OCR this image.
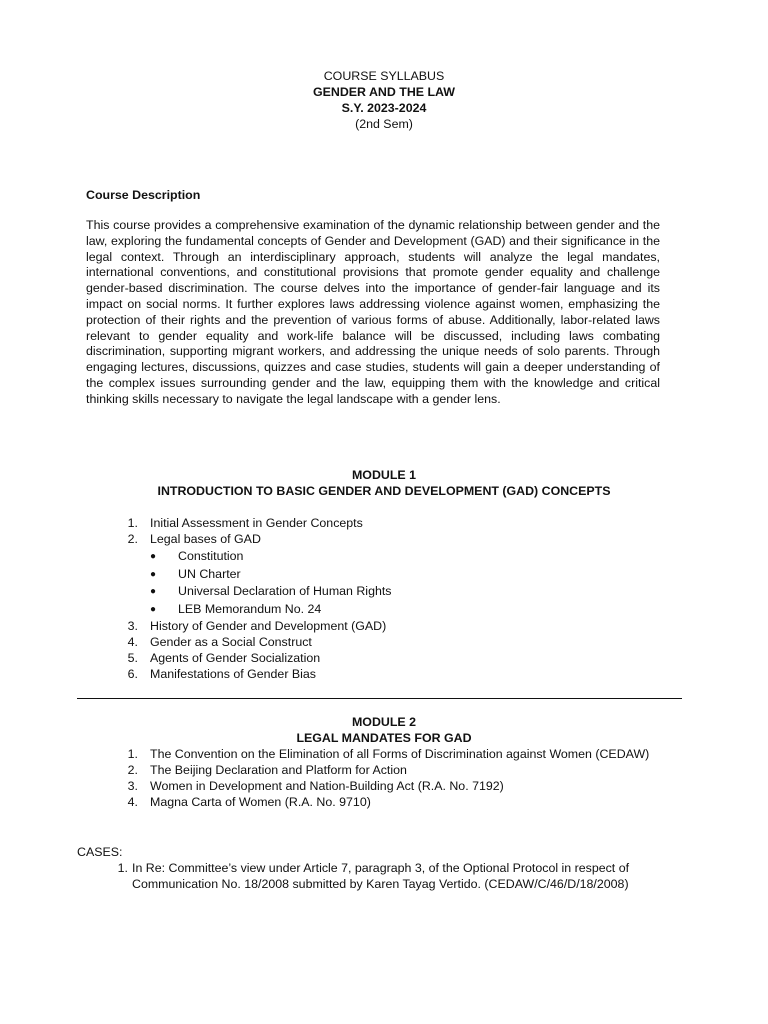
COURSE SYLLABUS
GENDER AND THE LAW
S.Y. 2023-2024
(2nd Sem)
Course Description

This course provides a comprehensive examination of the dynamic relationship between gender and the law, exploring the fundamental concepts of Gender and Development (GAD) and their significance in the legal context. Through an interdisciplinary approach, students will analyze the legal mandates, international conventions, and constitutional provisions that promote gender equality and challenge gender-based discrimination. The course delves into the importance of gender-fair language and its impact on social norms. It further explores laws addressing violence against women, emphasizing the protection of their rights and the prevention of various forms of abuse. Additionally, labor-related laws relevant to gender equality and work-life balance will be discussed, including laws combating discrimination, supporting migrant workers, and addressing the unique needs of solo parents. Through engaging lectures, discussions, quizzes and case studies, students will gain a deeper understanding of the complex issues surrounding gender and the law, equipping them with the knowledge and critical thinking skills necessary to navigate the legal landscape with a gender lens.

MODULE 1
INTRODUCTION TO BASIC GENDER AND DEVELOPMENT (GAD) CONCEPTS
1. Initial Assessment in Gender Concepts
2. Legal bases of GAD
● Constitution
● UN Charter
● Universal Declaration of Human Rights
● LEB Memorandum No. 24
3. History of Gender and Development (GAD)
4. Gender as a Social Construct
5. Agents of Gender Socialization
6. Manifestations of Gender Bias
MODULE 2
LEGAL MANDATES FOR GAD
1. The Convention on the Elimination of all Forms of Discrimination against Women (CEDAW)
2. The Beijing Declaration and Platform for Action
3. Women in Development and Nation-Building Act (R.A. No. 7192)
4. Magna Carta of Women (R.A. No. 9710)
CASES:
1. In Re: Committee’s view under Article 7, paragraph 3, of the Optional Protocol in respect of Communication No. 18/2008 submitted by Karen Tayag Vertido. (CEDAW/C/46/D/18/2008)
